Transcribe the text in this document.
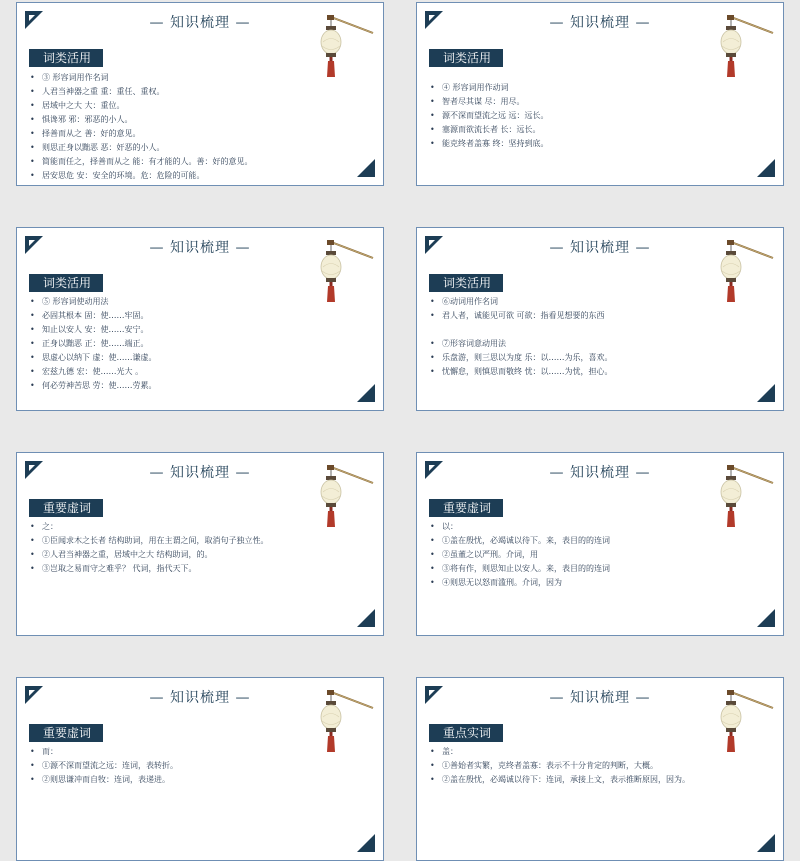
— 知识梳理 —
词类活用
• ③ 形容词用作名词
• 人君当神器之重 重：重任、重权。
• 居域中之大 大：重位。
• 惧谗邪 邪：邪恶的小人。
• 择善而从之 善：好的意见。
• 则思正身以黜恶 恶：奸恶的小人。
• 简能而任之，择善而从之 能：有才能的人。善：好的意见。
• 居安思危 安：安全的环境。危：危险的可能。
— 知识梳理 —
词类活用
• ④ 形容词用作动词
• 智者尽其谋 尽：用尽。
• 源不深而望流之远 远：远长。
• 塞源而欲流长者 长：远长。
• 能克终者盖寡 终：坚持到底。
— 知识梳理 —
词类活用
• ⑤ 形容词使动用法
• 必固其根本 固：使……牢固。
• 知止以安人 安：使……安宁。
• 正身以黜恶 正：使……端正。
• 思虚心以纳下 虚：使……谦虚。
• 宏兹九德 宏：使……光大 。
• 何必劳神苦思 劳：使……劳累。
— 知识梳理 —
词类活用
• ⑥动词用作名词
• 君人者，诚能见可欲 可欲：指看见想要的东西
• ⑦形容词意动用法
• 乐盘游，则三思以为度 乐：以……为乐，喜欢。
• 忧懈怠，则慎思而敬终 忧：以……为忧，担心。
— 知识梳理 —
重要虚词
• 之：
• ①臣闻求木之长者 结构助词，用在主谓之间，取消句子独立性。
• ②人君当神器之重，居域中之大 结构助词，的。
• ③岂取之易而守之难乎？ 代词，指代天下。
— 知识梳理 —
重要虚词
• 以：
• ①盖在殷忧，必竭诚以待下。来，表目的的连词
• ②虽董之以严刑。介词，用
• ③将有作，则思知止以安人。来，表目的的连词
• ④则思无以怒而滥刑。介词，因为
— 知识梳理 —
重要虚词
• 而：
• ①源不深而望流之远：连词，表转折。
• ②则思谦冲而自牧：连词，表递进。
— 知识梳理 —
重点实词
• 盖：
• ①善始者实繁，克终者盖寡：表示不十分肯定的判断，大概。
• ②盖在殷忧，必竭诚以待下：连词，承接上文，表示推断原因，因为。
